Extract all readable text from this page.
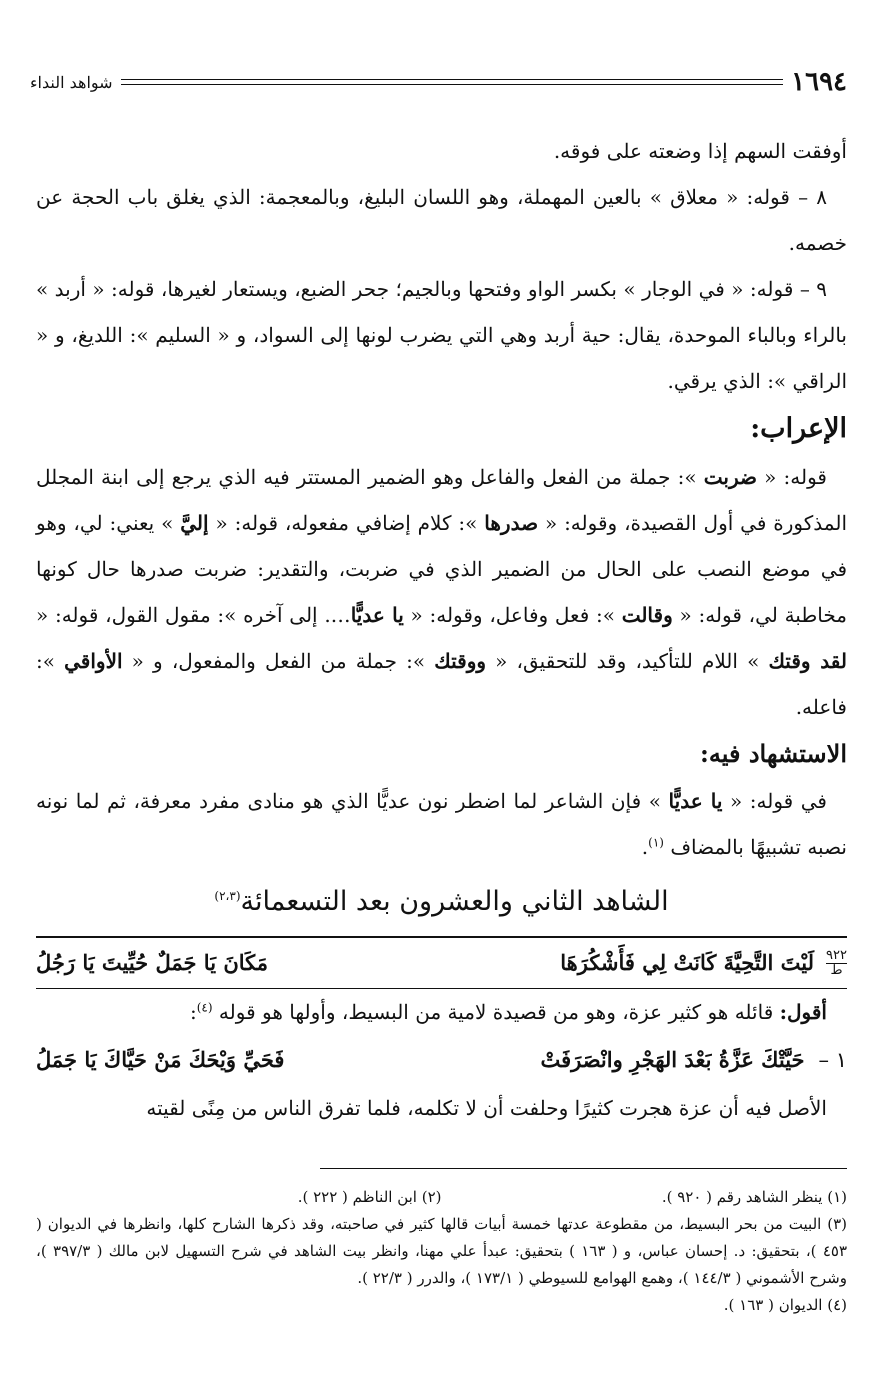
١٦٩٤
شواهد النداء

أوفقت السهم إذا وضعته على فوقه.

٨ – قوله: « معلاق » بالعين المهملة، وهو اللسان البليغ، وبالمعجمة: الذي يغلق باب الحجة عن خصمه.

٩ – قوله: « في الوجار » بكسر الواو وفتحها وبالجيم؛ جحر الضبع، ويستعار لغيرها، قوله: « أربد » بالراء وبالباء الموحدة، يقال: حية أربد وهي التي يضرب لونها إلى السواد، و « السليم »: اللديغ، و « الراقي »: الذي يرقي.

الإعراب:

قوله: « ضربت »: جملة من الفعل والفاعل وهو الضمير المستتر فيه الذي يرجع إلى ابنة المجلل المذكورة في أول القصيدة، وقوله: « صدرها »: كلام إضافي مفعوله، قوله: « إليَّ » يعني: لي، وهو في موضع النصب على الحال من الضمير الذي في ضربت، والتقدير: ضربت صدرها حال كونها مخاطبة لي، قوله: « وقالت »: فعل وفاعل، وقوله: « يا عديًّا…. إلى آخره »: مقول القول، قوله: « لقد وقتك » اللام للتأكيد، وقد للتحقيق، « ووقتك »: جملة من الفعل والمفعول، و « الأواقي »: فاعله.

الاستشهاد فيه:

في قوله: « يا عديًّا » فإن الشاعر لما اضطر نون عديًّا الذي هو منادى مفرد معرفة، ثم لما نونه نصبه تشبيهًا بالمضاف $^{(١)}$.

الشاهد الثاني والعشرون بعد التسعمائة$^{(٢،٣)}$
٩٢٢
ط
لَيْتَ التَّحِيَّةَ كَانَتْ لِي فَأَشْكُرَهَا
مَكَانَ يَا جَمَلٌ حُيِّيتَ يَا رَجُلُ

أقول: قائله هو كثير عزة، وهو من قصيدة لامية من البسيط، وأولها هو قوله $^{(٤)}$:

١ –
حَيَّتْكَ عَزَّةُ بَعْدَ الهَجْرِ وانْصَرَفَتْ
فَحَيِّ وَيْحَكَ مَنْ حَيَّاكَ يَا جَمَلُ

الأصل فيه أن عزة هجرت كثيرًا وحلفت أن لا تكلمه، فلما تفرق الناس من مِنًى لقيته

(١) ينظر الشاهد رقم ( ٩٢٠ ).
(٢) ابن الناظم ( ٢٢٢ ).
(٣) البيت من بحر البسيط، من مقطوعة عدتها خمسة أبيات قالها كثير في صاحبته، وقد ذكرها الشارح كلها، وانظرها في الديوان ( ٤٥٣ )، بتحقيق: د. إحسان عباس، و ( ١٦٣ ) بتحقيق: عبدأ علي مهنا، وانظر بيت الشاهد في شرح التسهيل لابن مالك ( ٣٩٧/٣ )، وشرح الأشموني ( ١٤٤/٣ )، وهمع الهوامع للسيوطي ( ١٧٣/١ )، والدرر ( ٢٢/٣ ).
(٤) الديوان ( ١٦٣ ).
